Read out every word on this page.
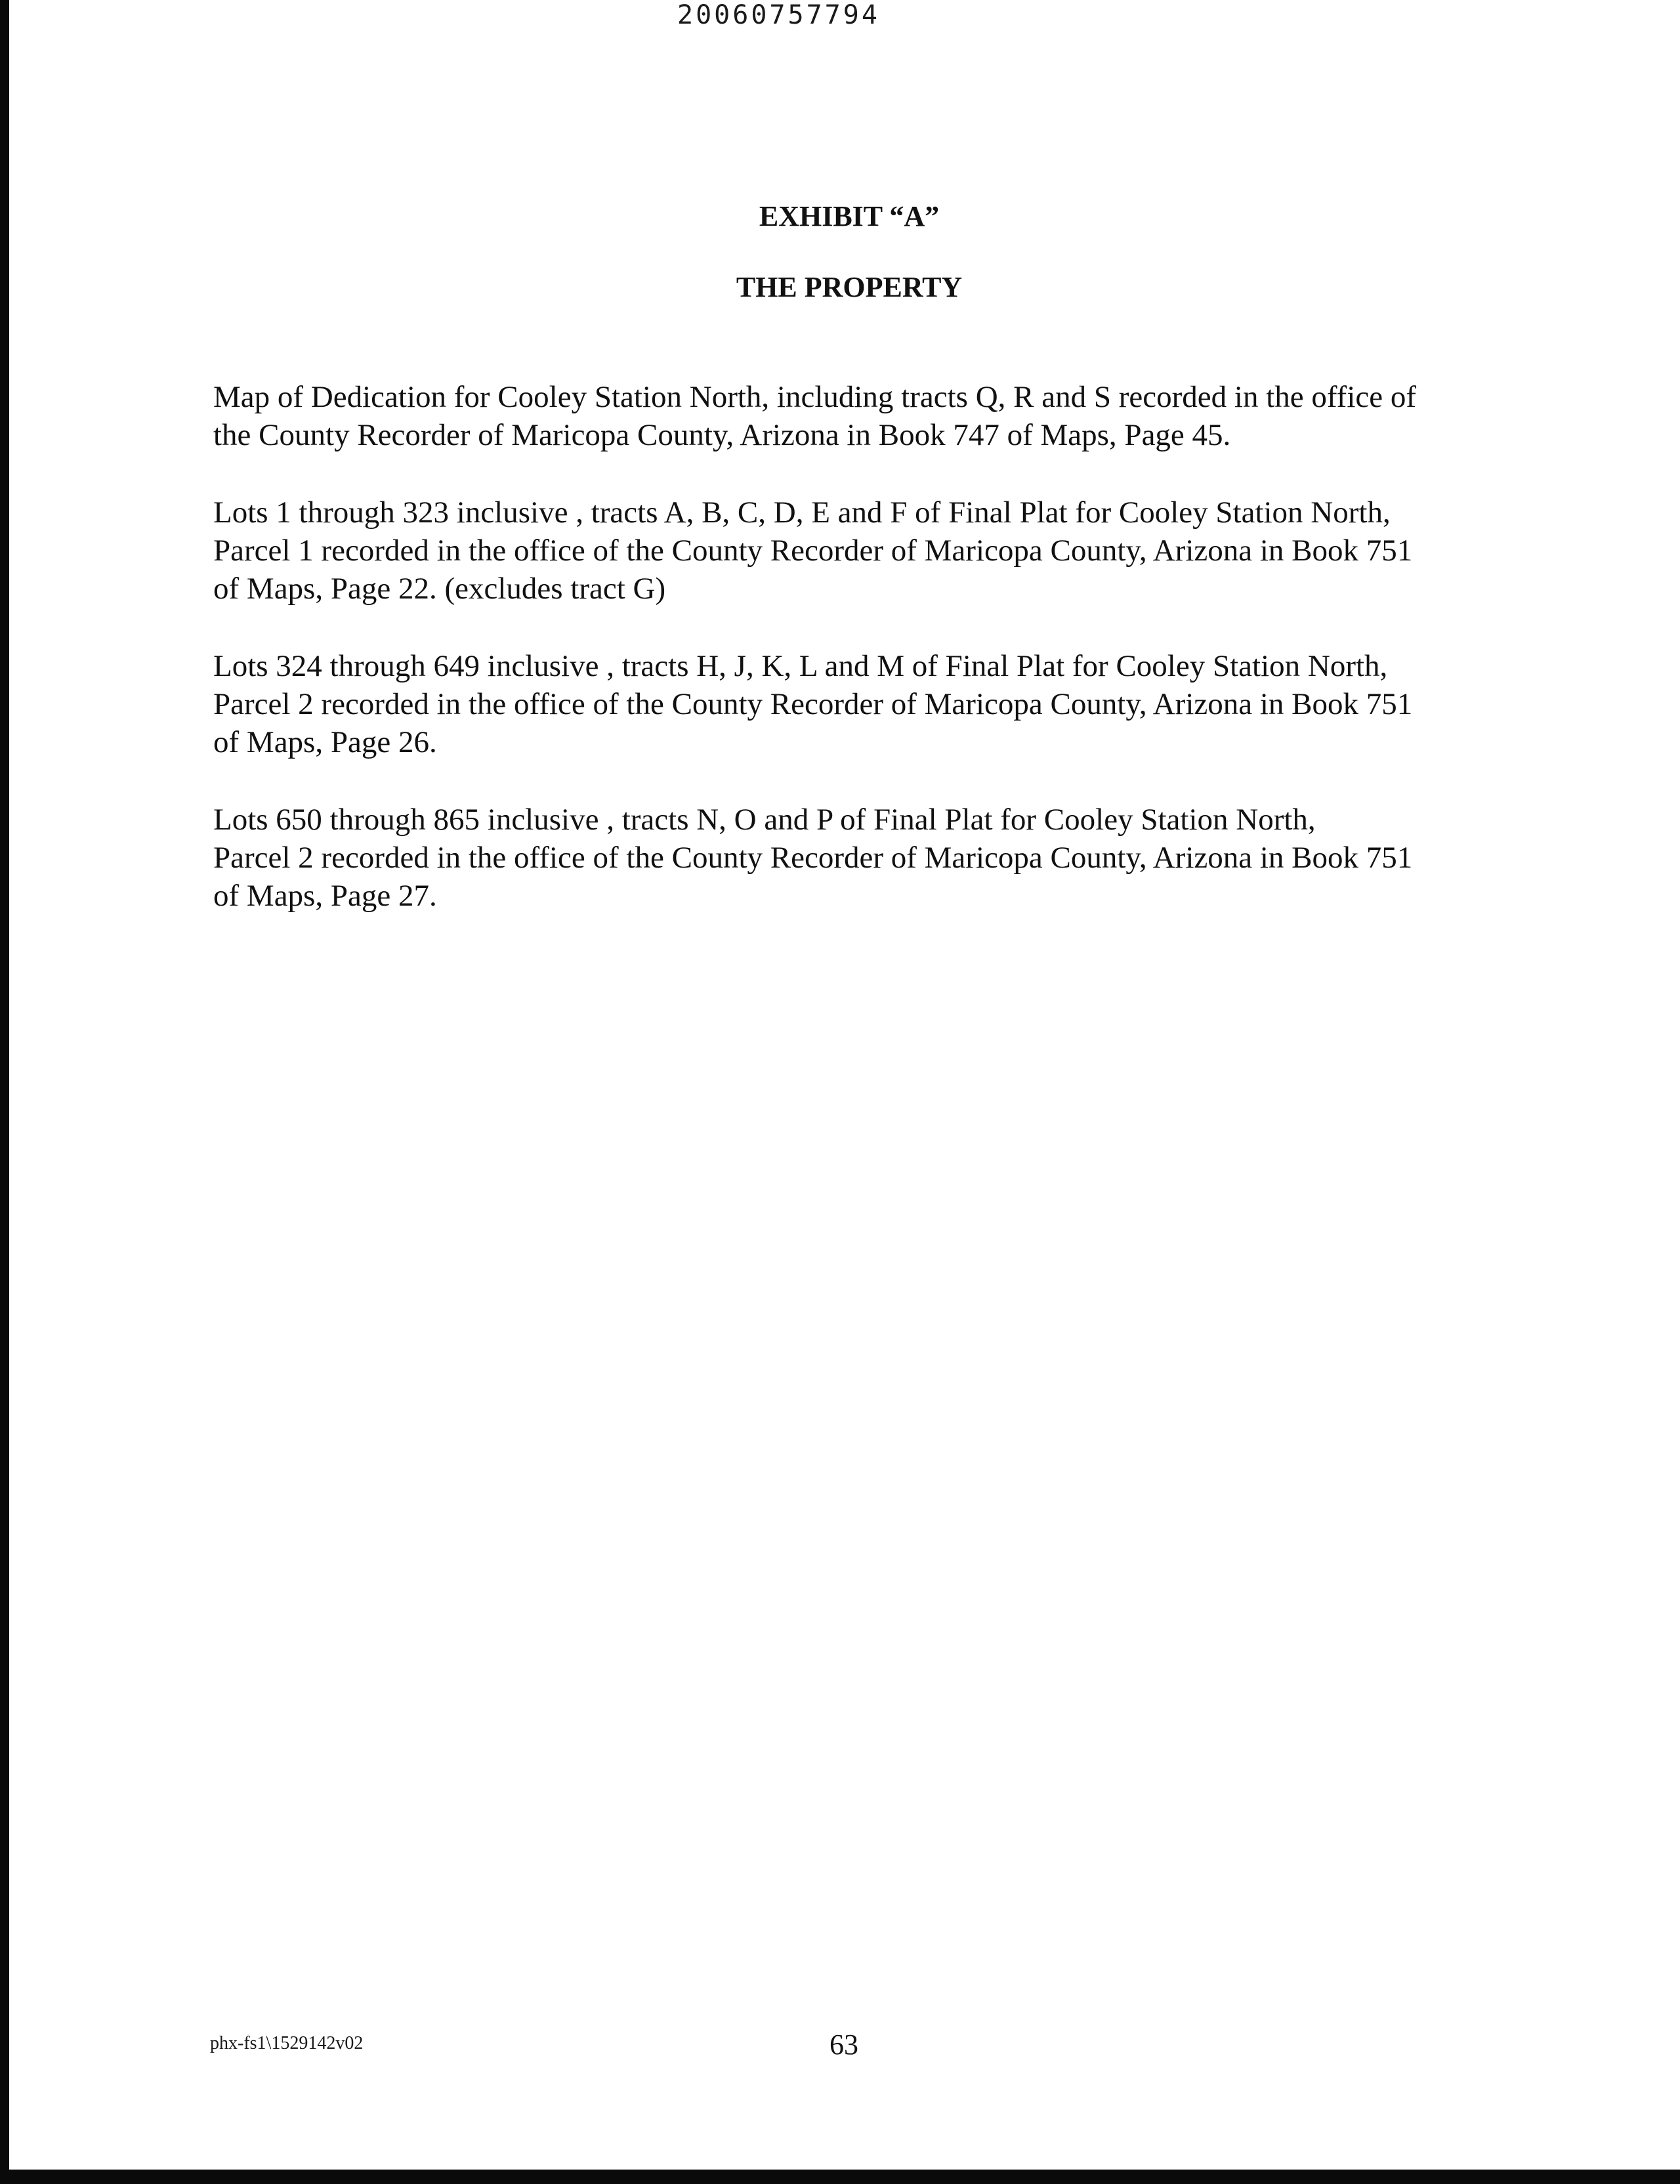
20060757794
EXHIBIT “A”
THE PROPERTY
Map of Dedication for Cooley Station North, including tracts Q, R and S recorded in the office of
the County Recorder of Maricopa County, Arizona in Book 747 of Maps, Page 45.
Lots 1 through 323 inclusive , tracts A, B, C, D, E and F of Final Plat for Cooley Station North,
Parcel 1 recorded in the office of the County Recorder of Maricopa County, Arizona in Book 751
of Maps, Page 22. (excludes tract G)
Lots 324 through 649 inclusive , tracts H, J, K, L and M of Final Plat for Cooley Station North,
Parcel 2 recorded in the office of the County Recorder of Maricopa County, Arizona in Book 751
of Maps, Page 26.
Lots 650 through 865 inclusive , tracts N, O and P of Final Plat for Cooley Station North,
Parcel 2 recorded in the office of the County Recorder of Maricopa County, Arizona in Book 751
of Maps, Page 27.
phx-fs1\1529142v02	63
